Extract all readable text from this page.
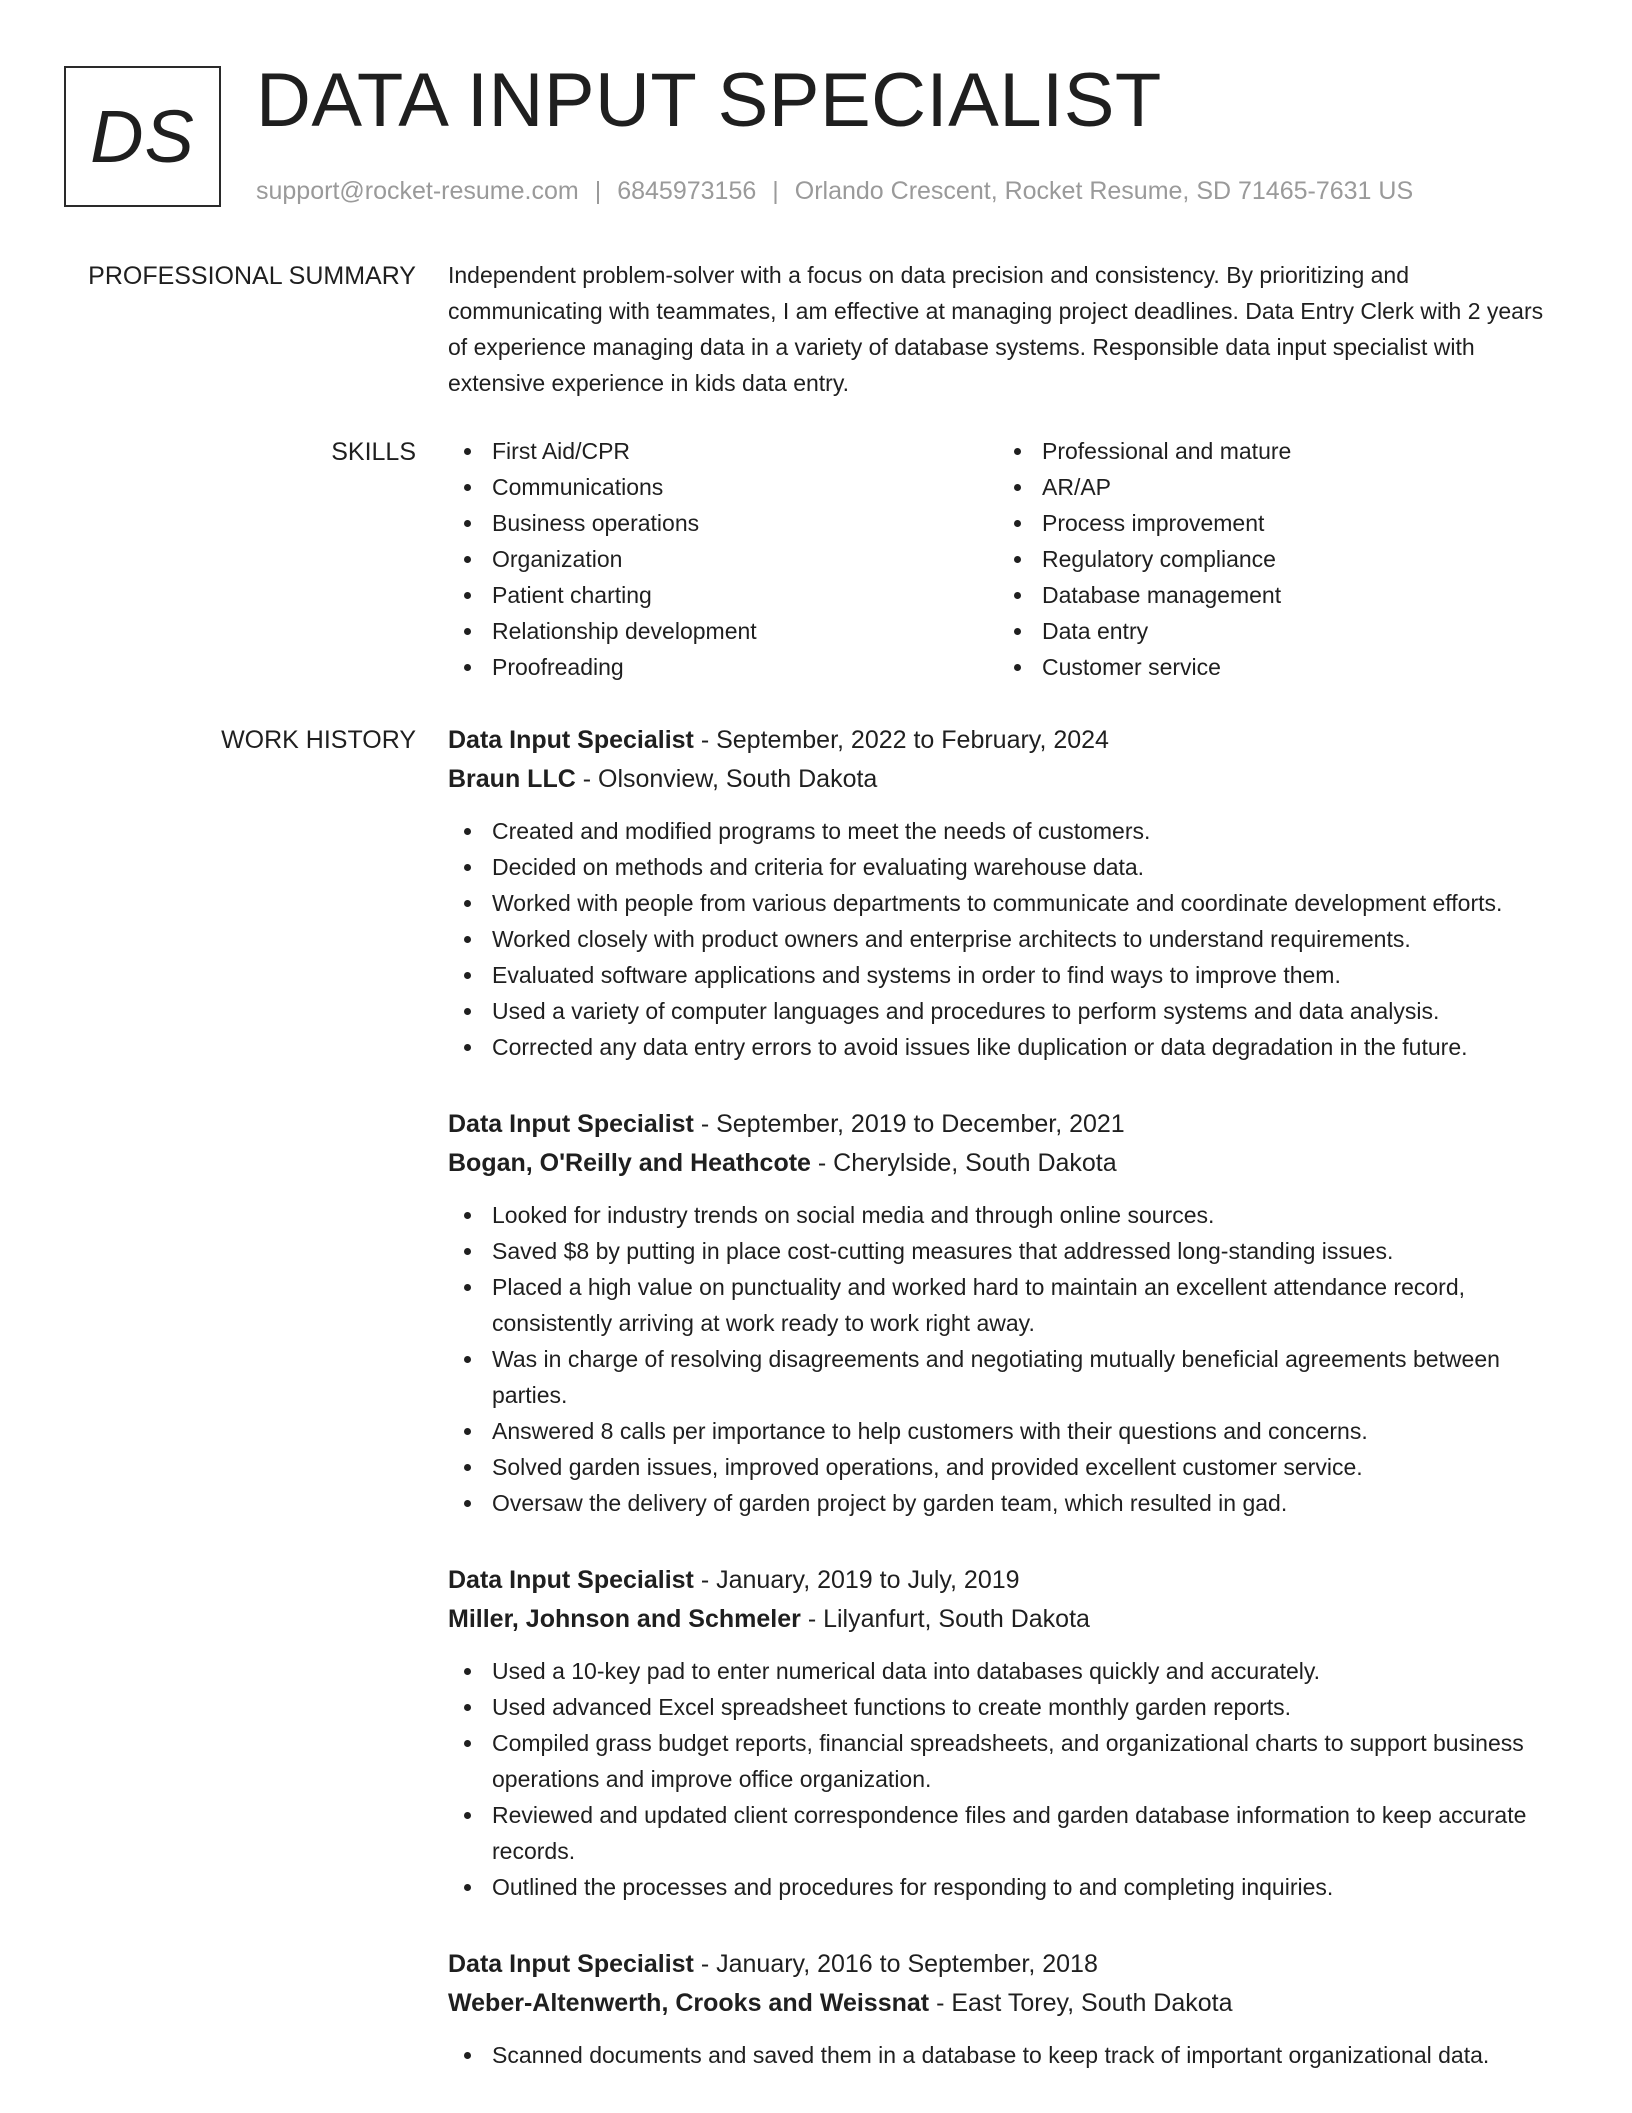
DS DATA INPUT SPECIALIST
support@rocket-resume.com | 6845973156 | Orlando Crescent, Rocket Resume, SD 71465-7631 US
PROFESSIONAL SUMMARY Independent problem-solver with a focus on data precision and consistency. By prioritizing and communicating with teammates, I am effective at managing project deadlines. Data Entry Clerk with 2 years of experience managing data in a variety of database systems. Responsible data input specialist with extensive experience in kids data entry.

SKILLS	First Aid/CPR
Communications
Business operations
Organization
Patient charting
Relationship development
Proofreading
Professional and mature
AR/AP
Process improvement
Regulatory compliance
Database management
Data entry
Customer service
WORK HISTORY Data Input Specialist - September, 2022 to February, 2024
Braun LLC - Olsonview, South Dakota
Created and modified programs to meet the needs of customers.
Decided on methods and criteria for evaluating warehouse data.
Worked with people from various departments to communicate and coordinate development efforts.
Worked closely with product owners and enterprise architects to understand requirements.
Evaluated software applications and systems in order to find ways to improve them.
Used a variety of computer languages and procedures to perform systems and data analysis.
Corrected any data entry errors to avoid issues like duplication or data degradation in the future.
Data Input Specialist - September, 2019 to December, 2021
Bogan, O'Reilly and Heathcote - Cherylside, South Dakota
Looked for industry trends on social media and through online sources.
Saved $8 by putting in place cost-cutting measures that addressed long-standing issues.
Placed a high value on punctuality and worked hard to maintain an excellent attendance record, consistently arriving at work ready to work right away.
Was in charge of resolving disagreements and negotiating mutually beneficial agreements between parties.
Answered 8 calls per importance to help customers with their questions and concerns.
Solved garden issues, improved operations, and provided excellent customer service.
Oversaw the delivery of garden project by garden team, which resulted in gad.
Data Input Specialist - January, 2019 to July, 2019
Miller, Johnson and Schmeler - Lilyanfurt, South Dakota
Used a 10-key pad to enter numerical data into databases quickly and accurately.
Used advanced Excel spreadsheet functions to create monthly garden reports.
Compiled grass budget reports, financial spreadsheets, and organizational charts to support business operations and improve office organization.
Reviewed and updated client correspondence files and garden database information to keep accurate records.
Outlined the processes and procedures for responding to and completing inquiries.
Data Input Specialist - January, 2016 to September, 2018
Weber-Altenwerth, Crooks and Weissnat - East Torey, South Dakota
Scanned documents and saved them in a database to keep track of important organizational data.
